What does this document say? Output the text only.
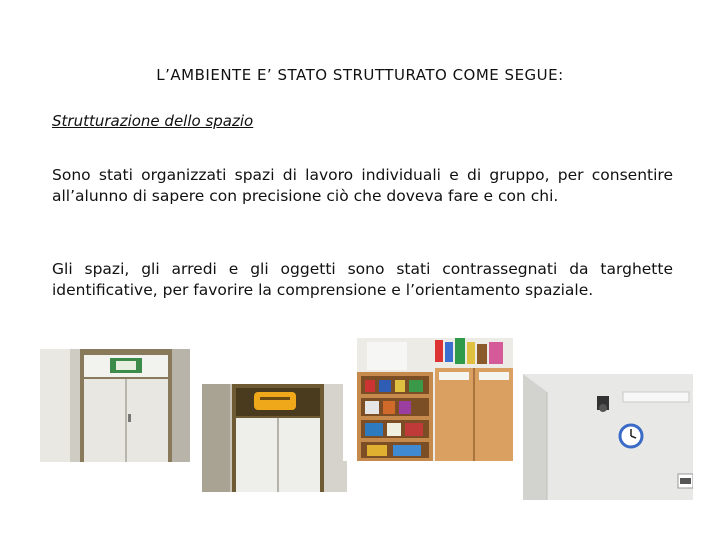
L’AMBIENTE E’ STATO STRUTTURATO COME SEGUE:
Strutturazione dello spazio
Sono stati organizzati spazi di lavoro individuali e di gruppo, per consentire all’alunno di sapere con precisione ciò che doveva fare e con chi.
Gli spazi, gli arredi e gli oggetti sono stati contrassegnati da targhette identificative, per favorire la comprensione e l’orientamento spaziale.
